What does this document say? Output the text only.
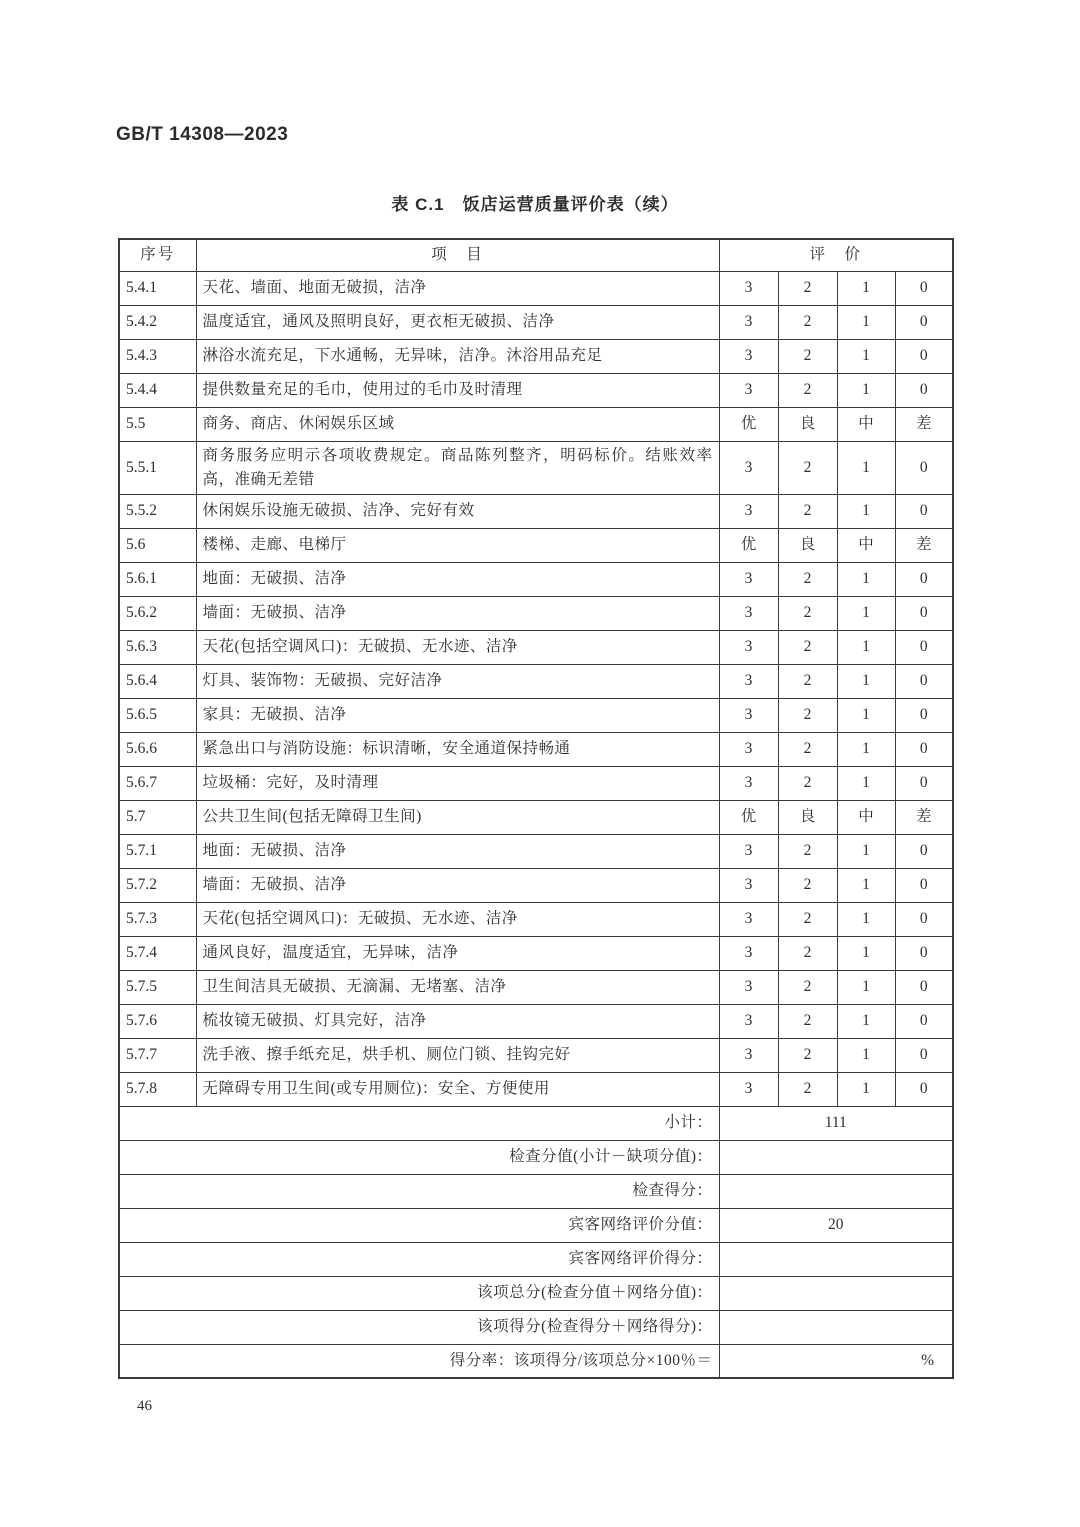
GB/T 14308—2023
表 C.1　饭店运营质量评价表（续）
序号	项　目	评　价			
5.4.1	天花、墙面、地面无破损，洁净	3	2	1	0
5.4.2	温度适宜，通风及照明良好，更衣柜无破损、洁净	3	2	1	0
5.4.3	淋浴水流充足，下水通畅，无异味，洁净。沐浴用品充足	3	2	1	0
5.4.4	提供数量充足的毛巾，使用过的毛巾及时清理	3	2	1	0
5.5	商务、商店、休闲娱乐区域	优	良	中	差
5.5.1	商务服务应明示各项收费规定。商品陈列整齐，明码标价。结账效率高，准确无差错	3	2	1	0
5.5.2	休闲娱乐设施无破损、洁净、完好有效	3	2	1	0
5.6	楼梯、走廊、电梯厅	优	良	中	差
5.6.1	地面：无破损、洁净	3	2	1	0
5.6.2	墙面：无破损、洁净	3	2	1	0
5.6.3	天花(包括空调风口)：无破损、无水迹、洁净	3	2	1	0
5.6.4	灯具、装饰物：无破损、完好洁净	3	2	1	0
5.6.5	家具：无破损、洁净	3	2	1	0
5.6.6	紧急出口与消防设施：标识清晰，安全通道保持畅通	3	2	1	0
5.6.7	垃圾桶：完好，及时清理	3	2	1	0
5.7	公共卫生间(包括无障碍卫生间)	优	良	中	差
5.7.1	地面：无破损、洁净	3	2	1	0
5.7.2	墙面：无破损、洁净	3	2	1	0
5.7.3	天花(包括空调风口)：无破损、无水迹、洁净	3	2	1	0
5.7.4	通风良好，温度适宜，无异味，洁净	3	2	1	0
5.7.5	卫生间洁具无破损、无滴漏、无堵塞、洁净	3	2	1	0
5.7.6	梳妆镜无破损、灯具完好，洁净	3	2	1	0
5.7.7	洗手液、擦手纸充足，烘手机、厕位门锁、挂钩完好	3	2	1	0
5.7.8	无障碍专用卫生间(或专用厕位)：安全、方便使用	3	2	1	0
小计：		111			
检查分值(小计－缺项分值)：					
检查得分：					
宾客网络评价分值：		20			
宾客网络评价得分：					
该项总分(检查分值＋网络分值)：					
该项得分(检查得分＋网络得分)：					
得分率：该项得分/该项总分×100％＝		%			
46
